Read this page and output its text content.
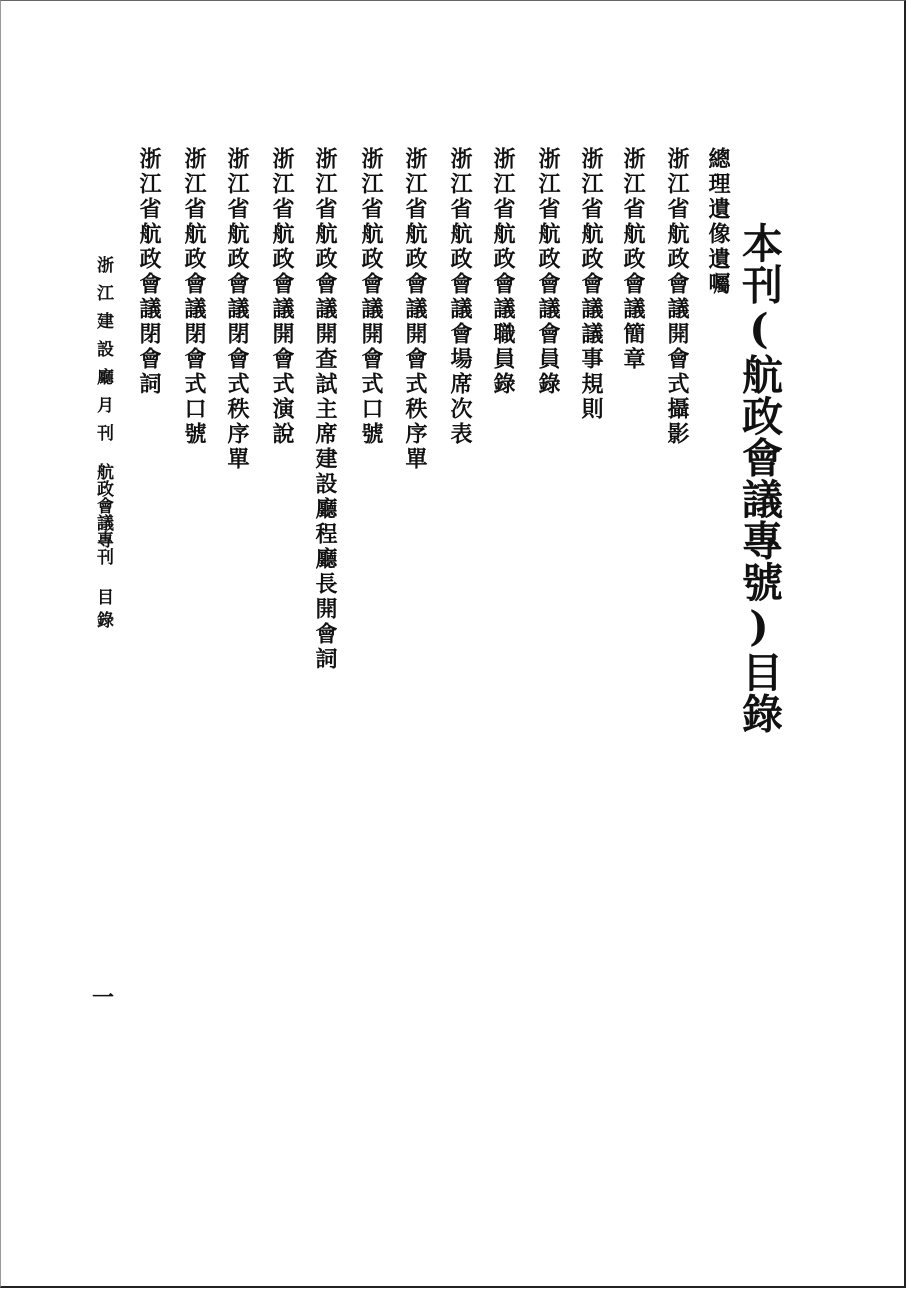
本刊(航政會議專號)目錄
總理遺像遺囑
浙江省航政會議開會式攝影
浙江省航政會議簡章
浙江省航政會議議事規則
浙江省航政會議會員錄
浙江省航政會議職員錄
浙江省航政會議會場席次表
浙江省航政會議開會式秩序單
浙江省航政會議開會式口號
浙江省航政會議開查試主席建設廳程廳長開會詞
浙江省航政會議開會式演說
浙江省航政會議閉會式秩序單
浙江省航政會議閉會式口號
浙江省航政會議閉會詞
浙江建設廳月刊
航政會議專刊
目錄
一
